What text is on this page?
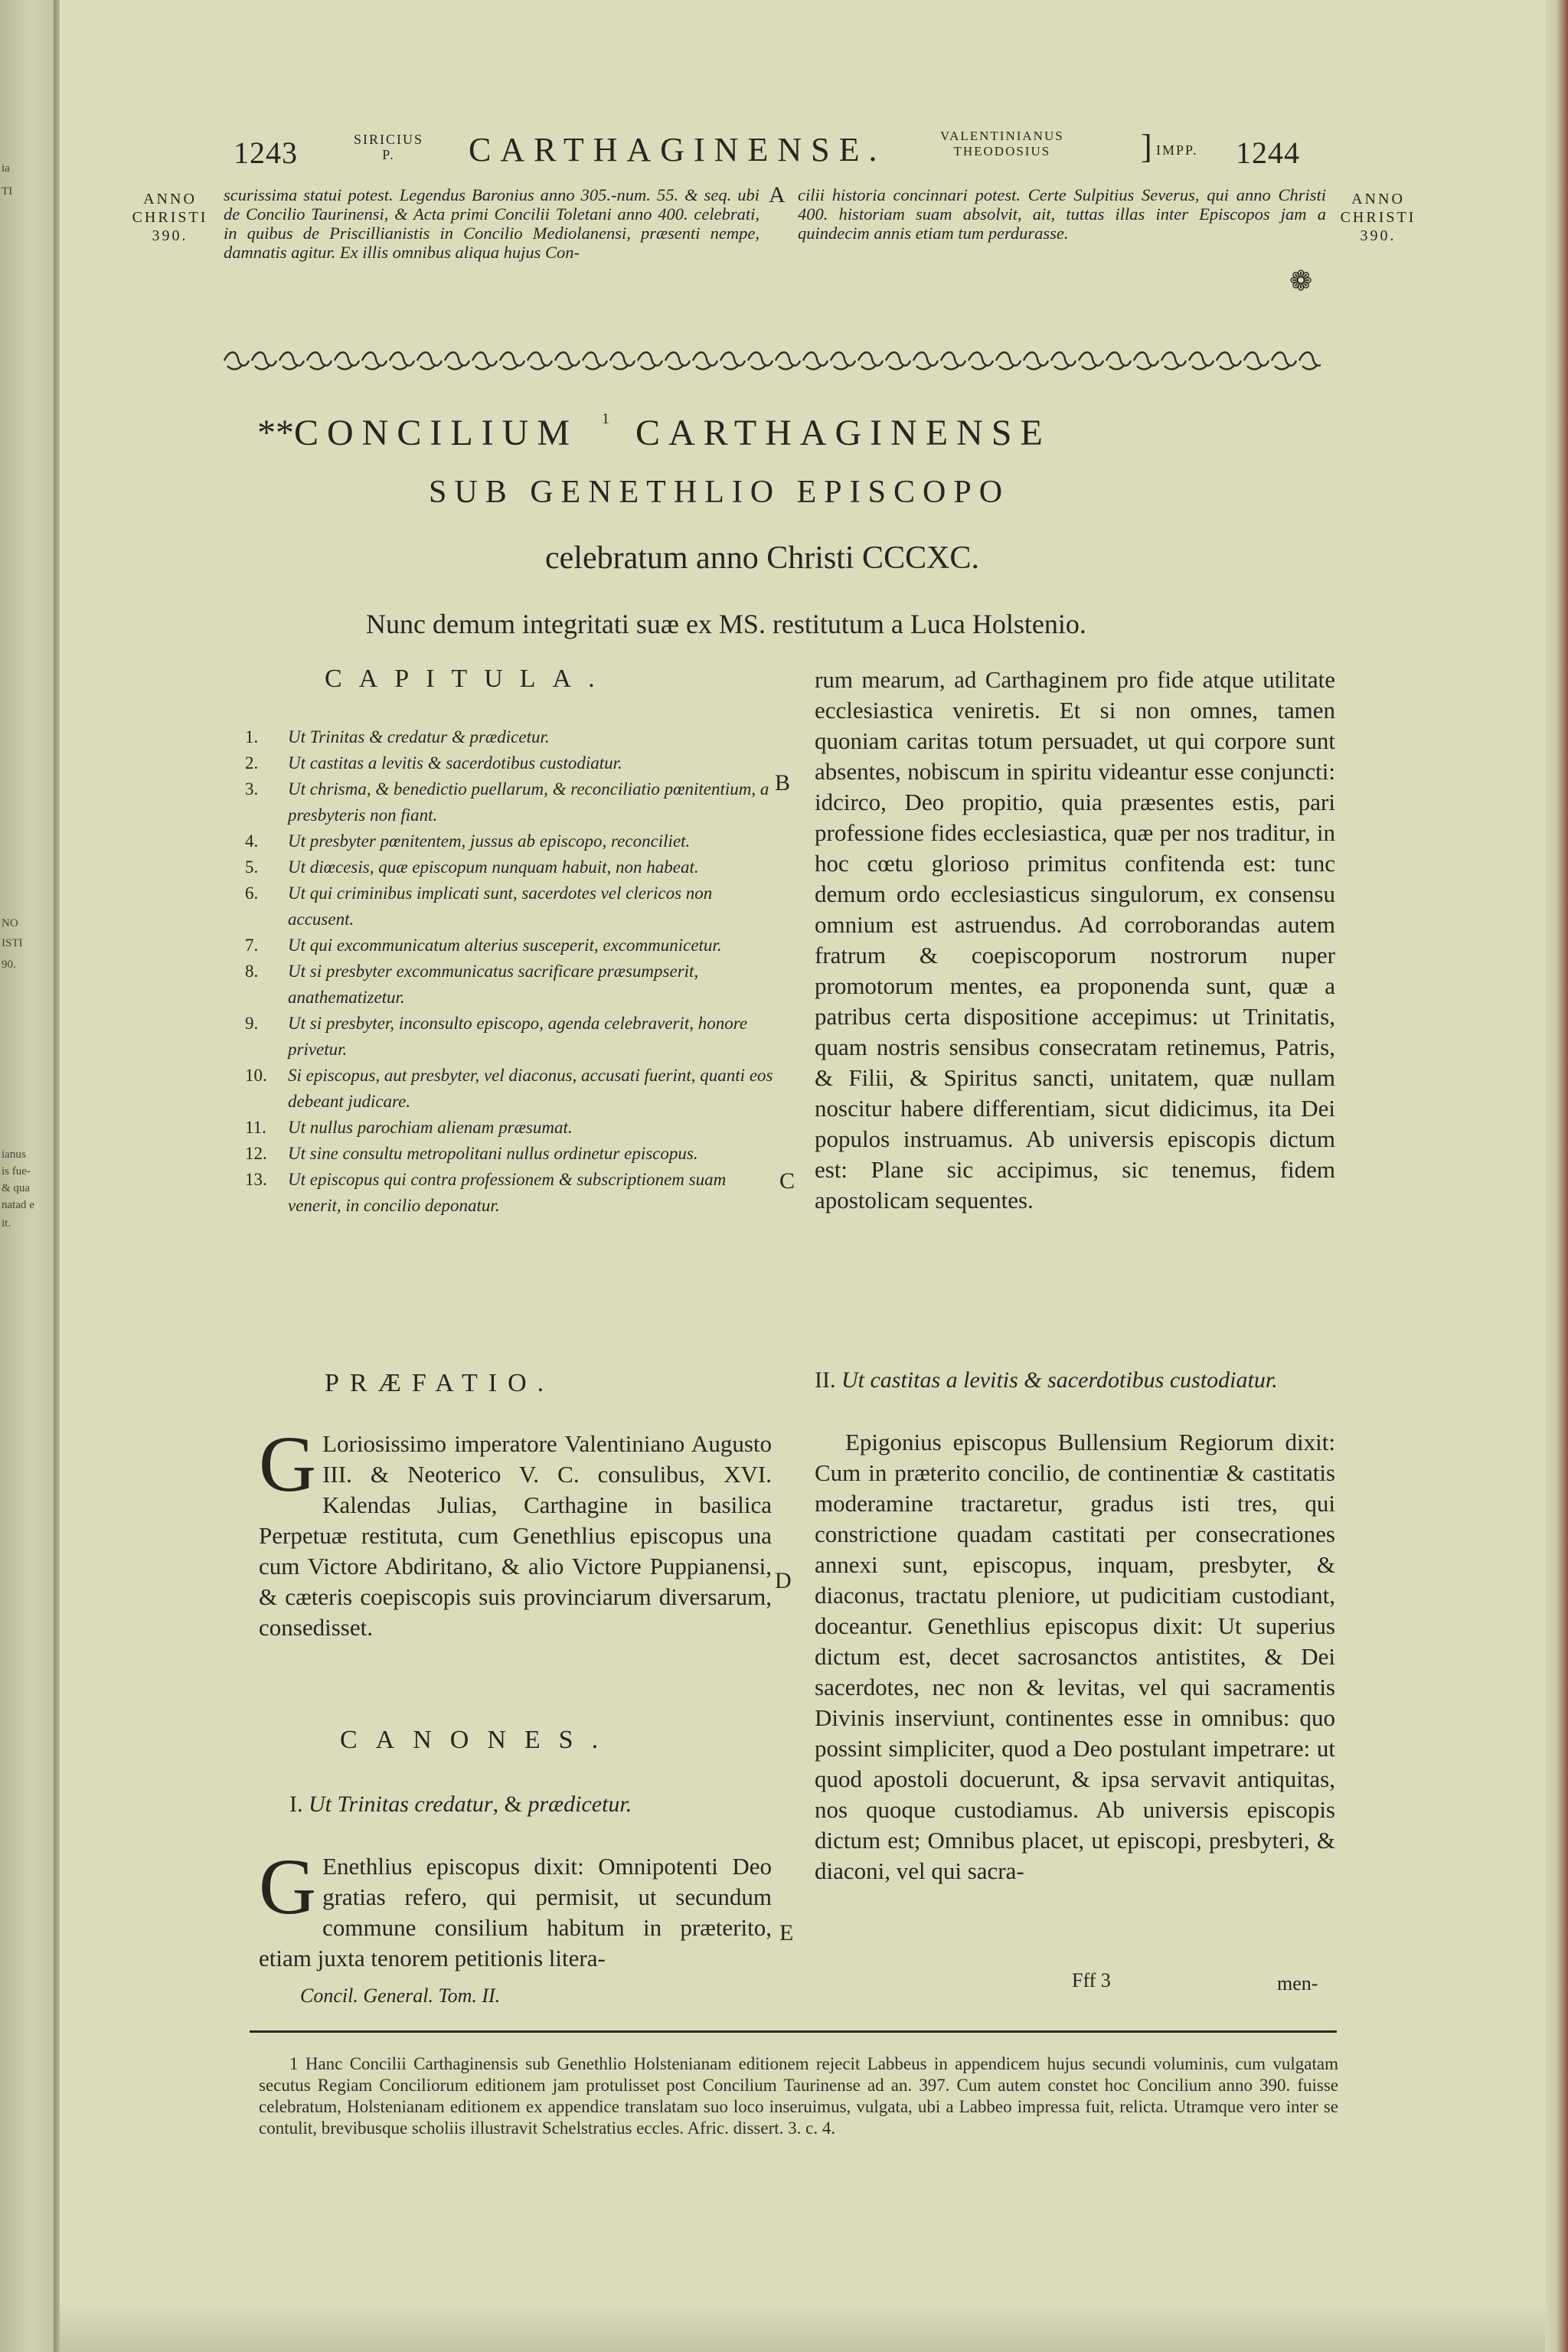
ia
TI
NO
ISTI
90.
ianus
is fue-
& qua
natad e
it.
1243	SIRICIUS
P.	CARTHAGINENSE.	VALENTINIANUS
THEODOSIUS	] IMPP. 1244
ANNO
CHRISTI
390.
ANNO
CHRISTI
390.
scurissima statui potest. Legendus Baronius anno 305.-num. 55. & seq. ubi de Concilio Taurinensi, & Acta primi Concilii Toletani anno 400. celebrati, in quibus de Priscillianistis in Concilio Mediolanensi, præsenti nempe, damnatis agitur. Ex illis omnibus aliqua hujus Con-
A cilii historia concinnari potest. Certe Sulpitius Severus, qui anno Christi 400. historiam suam absolvit, ait, tuttas illas inter Episcopos jam a quindecim annis etiam tum perdurasse.
❁
**CONCILIUM $^1$ CARTHAGINENSE
SUB GENETHLIO EPISCOPO
celebratum anno Christi CCCXC.
Nunc demum integritati suæ ex MS. restitutum a Luca Holstenio.
CAPITULA.
1. Ut Trinitas & credatur & prædicetur.
2. Ut castitas a levitis & sacerdotibus custodiatur.
3. Ut chrisma, & benedictio puellarum, & reconciliatio pœnitentium, a presbyteris non fiant.
4. Ut presbyter pœnitentem, jussus ab episcopo, reconciliet.
5. Ut diœcesis, quæ episcopum nunquam habuit, non habeat.
6. Ut qui criminibus implicati sunt, sacerdotes vel clericos non accusent.
7. Ut qui excommunicatum alterius susceperit, excommunicetur.
8. Ut si presbyter excommunicatus sacrificare præsumpserit, anathematizetur.
9. Ut si presbyter, inconsulto episcopo, agenda celebraverit, honore privetur.
10. Si episcopus, aut presbyter, vel diaconus, accusati fuerint, quanti eos debeant judicare.
11. Ut nullus parochiam alienam præsumat.
12. Ut sine consultu metropolitani nullus ordinetur episcopus.
13. Ut episcopus qui contra professionem & subscriptionem suam venerit, in concilio deponatur.
PRÆFATIO.
G Loriosissimo imperatore Valentiniano Augusto III. & Neoterico V. C. consulibus, XVI. Kalendas Julias, Carthagine in basilica Perpetuæ restituta, cum Genethlius episcopus una cum Victore Abdiritano, & alio Victore Puppianensi, & cæteris coepiscopis suis provinciarum diversarum, consedisset.
CANONES.
I. Ut Trinitas credatur, & prædicetur.
G Enethlius episcopus dixit: Omnipotenti Deo gratias refero, qui permisit, ut secundum commune consilium habitum in præterito, etiam juxta tenorem petitionis litera-
B
C
D
E
rum mearum, ad Carthaginem pro fide atque utilitate ecclesiastica veniretis. Et si non omnes, tamen quoniam caritas totum persuadet, ut qui corpore sunt absentes, nobiscum in spiritu videantur esse conjuncti: idcirco, Deo propitio, quia præsentes estis, pari professione fides ecclesiastica, quæ per nos traditur, in hoc cœtu glorioso primitus confitenda est: tunc demum ordo ecclesiasticus singulorum, ex consensu omnium est astruendus. Ad corroborandas autem fratrum & coepiscoporum nostrorum nuper promotorum mentes, ea proponenda sunt, quæ a patribus certa dispositione accepimus: ut Trinitatis, quam nostris sensibus consecratam retinemus, Patris, & Filii, & Spiritus sancti, unitatem, quæ nullam noscitur habere differentiam, sicut didicimus, ita Dei populos instruamus. Ab universis episcopis dictum est: Plane sic accipimus, sic tenemus, fidem apostolicam sequentes.
II. Ut castitas a levitis & sacerdotibus custodiatur.
Epigonius episcopus Bullensium Regiorum dixit: Cum in præterito concilio, de continentiæ & castitatis moderamine tractaretur, gradus isti tres, qui constrictione quadam castitati per consecrationes annexi sunt, episcopus, inquam, presbyter, & diaconus, tractatu pleniore, ut pudicitiam custodiant, doceantur. Genethlius episcopus dixit: Ut superius dictum est, decet sacrosanctos antistites, & Dei sacerdotes, nec non & levitas, vel qui sacramentis Divinis inserviunt, continentes esse in omnibus: quo possint simpliciter, quod a Deo postulant impetrare: ut quod apostoli docuerunt, & ipsa servavit antiquitas, nos quoque custodiamus. Ab universis episcopis dictum est; Omnibus placet, ut episcopi, presbyteri, & diaconi, vel qui sacra-
Concil. General. Tom. II.
Fff 3	men-
1 Hanc Concilii Carthaginensis sub Genethlio Holstenianam editionem rejecit Labbeus in appendicem hujus secundi voluminis, cum vulgatam secutus Regiam Conciliorum editionem jam protulisset post Concilium Taurinense ad an. 397. Cum autem constet hoc Concilium anno 390. fuisse celebratum, Holstenianam editionem ex appendice translatam suo loco inseruimus, vulgata, ubi a Labbeo impressa fuit, relicta. Utramque vero inter se contulit, brevibusque scholiis illustravit Schelstratius eccles. Afric. dissert. 3. c. 4.
